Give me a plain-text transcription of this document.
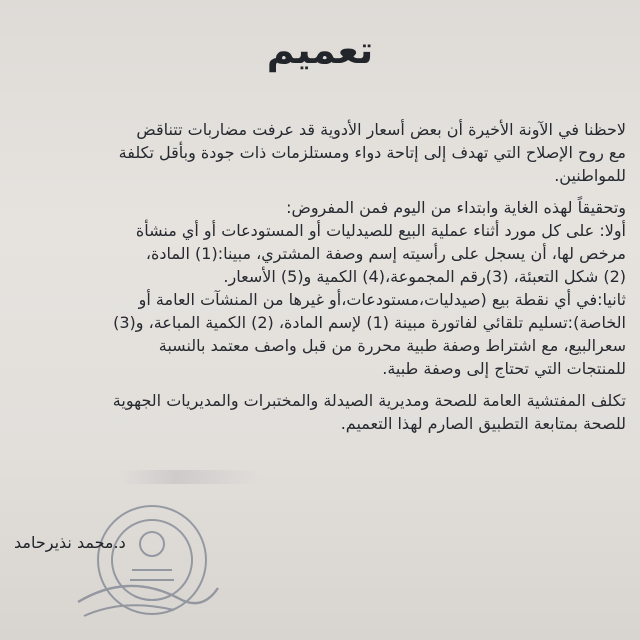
تعميم

لاحظنا في الآونة الأخيرة أن بعض أسعار الأدوية قد عرفت مضاربات تتناقض

مع روح الإصلاح التي تهدف إلى إتاحة دواء ومستلزمات ذات جودة وبأقل تكلفة

للمواطنين.

وتحقيقاً لهذه الغاية وابتداء من اليوم فمن المفروض:

أولا: على كل مورد أثناء عملية البيع للصيدليات أو المستودعات أو أي منشأة

مرخص لها، أن يسجل على رأسيته إسم وصفة المشتري، مبينا:(1) المادة،

(2) شكل التعبئة، (3)رقم المجموعة،(4) الكمية و(5) الأسعار.

ثانيا:في أي نقطة بيع (صيدليات،مستودعات،أو غيرها من المنشآت العامة أو

الخاصة):تسليم تلقائي لفاتورة مبينة (1) لإسم المادة، (2) الكمية المباعة، و(3)

سعرالبيع، مع اشتراط وصفة طبية محررة من قبل واصف معتمد بالنسبة

للمنتجات التي تحتاج إلى وصفة طبية.

تكلف المفتشية العامة للصحة ومديرية الصيدلة والمختبرات والمديريات الجهوية

للصحة بمتابعة التطبيق الصارم لهذا التعميم.

د.محمد نذيرحامد
